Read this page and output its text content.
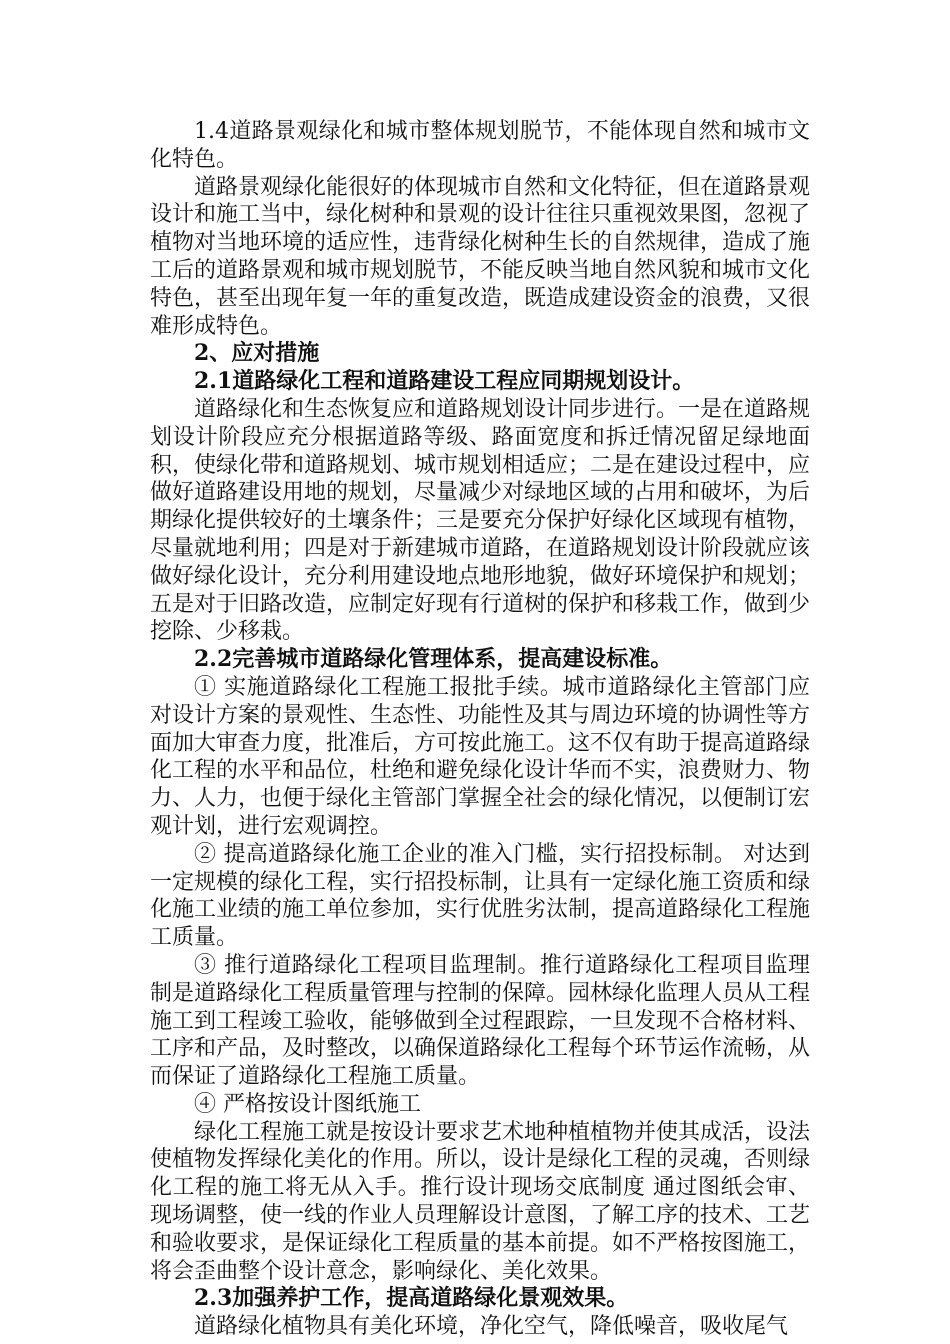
1.4道路景观绿化和城市整体规划脱节，不能体现自然和城市文化特色。

道路景观绿化能很好的体现城市自然和文化特征，但在道路景观设计和施工当中，绿化树种和景观的设计往往只重视效果图，忽视了植物对当地环境的适应性，违背绿化树种生长的自然规律，造成了施工后的道路景观和城市规划脱节，不能反映当地自然风貌和城市文化特色，甚至出现年复一年的重复改造，既造成建设资金的浪费，又很难形成特色。

2、应对措施

2.1道路绿化工程和道路建设工程应同期规划设计。

道路绿化和生态恢复应和道路规划设计同步进行。一是在道路规划设计阶段应充分根据道路等级、路面宽度和拆迁情况留足绿地面积，使绿化带和道路规划、城市规划相适应；二是在建设过程中，应做好道路建设用地的规划，尽量减少对绿地区域的占用和破坏，为后期绿化提供较好的土壤条件；三是要充分保护好绿化区域现有植物，尽量就地利用；四是对于新建城市道路，在道路规划设计阶段就应该做好绿化设计，充分利用建设地点地形地貌，做好环境保护和规划；五是对于旧路改造，应制定好现有行道树的保护和移栽工作，做到少挖除、少移栽。

2.2完善城市道路绿化管理体系，提高建设标准。

① 实施道路绿化工程施工报批手续。城市道路绿化主管部门应对设计方案的景观性、生态性、功能性及其与周边环境的协调性等方面加大审查力度，批准后，方可按此施工。这不仅有助于提高道路绿化工程的水平和品位，杜绝和避免绿化设计华而不实，浪费财力、物力、人力，也便于绿化主管部门掌握全社会的绿化情况，以便制订宏观计划，进行宏观调控。

② 提高道路绿化施工企业的准入门槛，实行招投标制。 对达到一定规模的绿化工程，实行招投标制，让具有一定绿化施工资质和绿化施工业绩的施工单位参加，实行优胜劣汰制，提高道路绿化工程施工质量。

③ 推行道路绿化工程项目监理制。推行道路绿化工程项目监理制是道路绿化工程质量管理与控制的保障。园林绿化监理人员从工程施工到工程竣工验收，能够做到全过程跟踪，一旦发现不合格材料、工序和产品，及时整改，以确保道路绿化工程每个环节运作流畅，从而保证了道路绿化工程施工质量。

④ 严格按设计图纸施工

绿化工程施工就是按设计要求艺术地种植植物并使其成活，设法使植物发挥绿化美化的作用。所以，设计是绿化工程的灵魂，否则绿化工程的施工将无从入手。推行设计现场交底制度 通过图纸会审、现场调整，使一线的作业人员理解设计意图，了解工序的技术、工艺和验收要求，是保证绿化工程质量的基本前提。如不严格按图施工，将会歪曲整个设计意念，影响绿化、美化效果。

2.3加强养护工作，提高道路绿化景观效果。

道路绿化植物具有美化环境，净化空气，降低噪音，吸收尾气
